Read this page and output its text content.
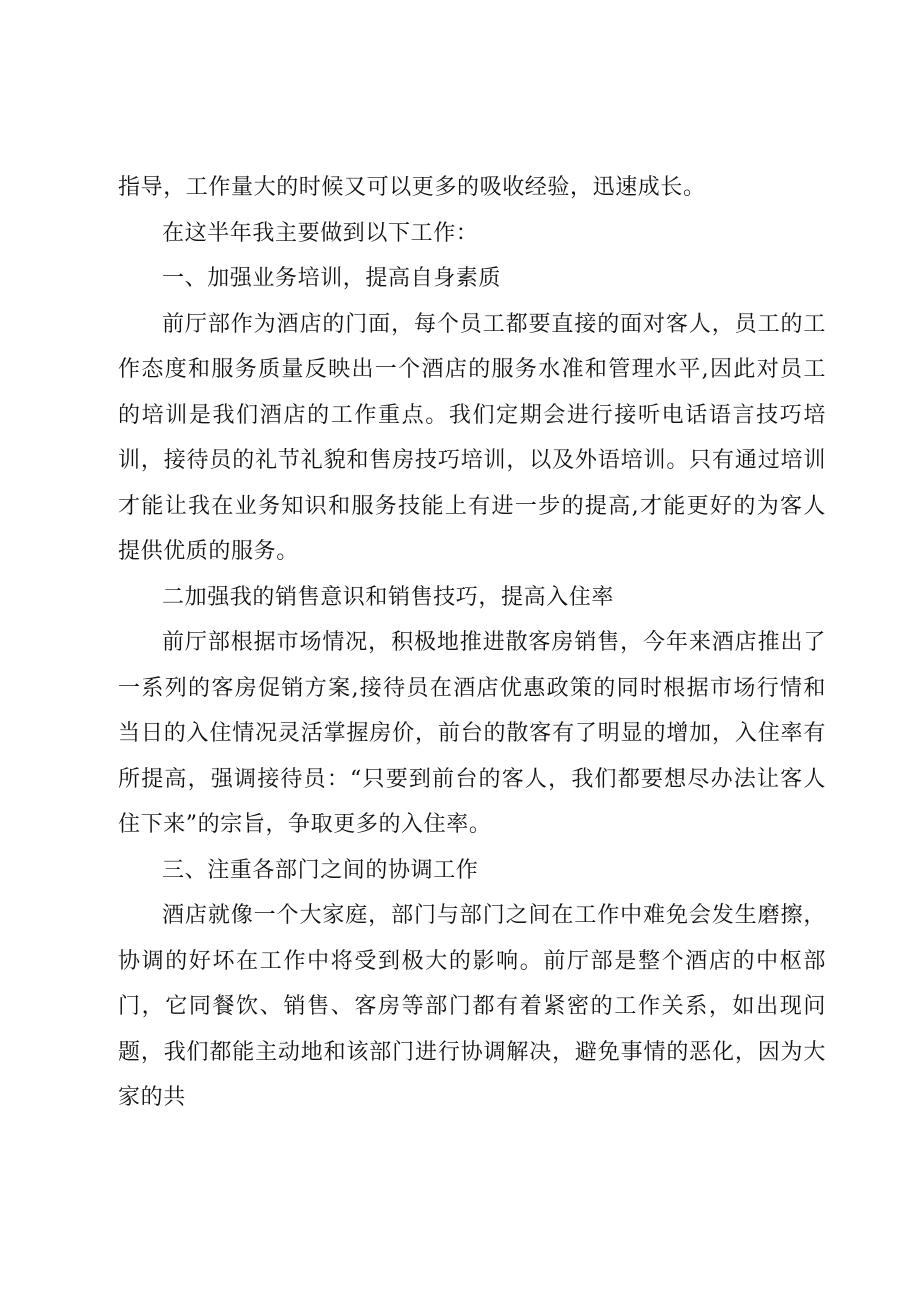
指导，工作量大的时候又可以更多的吸收经验，迅速成长。

在这半年我主要做到以下工作：

一、加强业务培训，提高自身素质

前厅部作为酒店的门面，每个员工都要直接的面对客人，员工的工作态度和服务质量反映出一个酒店的服务水准和管理水平,因此对员工的培训是我们酒店的工作重点。我们定期会进行接听电话语言技巧培训，接待员的礼节礼貌和售房技巧培训，以及外语培训。只有通过培训才能让我在业务知识和服务技能上有进一步的提高,才能更好的为客人提供优质的服务。

二加强我的销售意识和销售技巧，提高入住率

前厅部根据市场情况，积极地推进散客房销售，今年来酒店推出了一系列的客房促销方案,接待员在酒店优惠政策的同时根据市场行情和当日的入住情况灵活掌握房价，前台的散客有了明显的增加，入住率有所提高，强调接待员：“只要到前台的客人，我们都要想尽办法让客人住下来”的宗旨，争取更多的入住率。

三、注重各部门之间的协调工作

酒店就像一个大家庭，部门与部门之间在工作中难免会发生磨擦，协调的好坏在工作中将受到极大的影响。前厅部是整个酒店的中枢部门，它同餐饮、销售、客房等部门都有着紧密的工作关系，如出现问题，我们都能主动地和该部门进行协调解决，避免事情的恶化，因为大家的共
